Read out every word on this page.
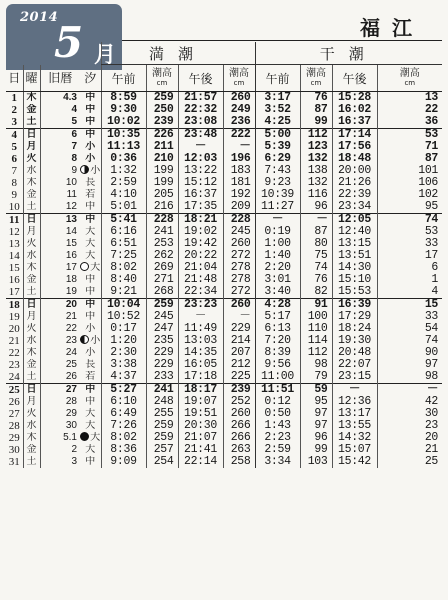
2014
5 月
福江
				満潮				干潮			
日	曜	旧暦	汐	午前	潮高
cm	午後	潮高
cm	午前	潮高
cm	午後	潮高
cm

1	木	4.3	中	8:59	259	21:57	260	3:17	76	15:28	13
2	金	4	中	9:30	250	22:32	249	3:52	87	16:02	22
3	土	5	中	10:02	239	23:08	236	4:25	99	16:37	36
4	日	6	中	10:35	226	23:48	222	5:00	112	17:14	53
5	月	7	小	11:13	211	－	－	5:39	123	17:56	71
6	火	8	小	0:36	210	12:03	196	6:29	132	18:48	87
7	水	9	小	1:32	199	13:22	183	7:43	138	20:00	101
8	木	10	長	2:59	199	15:12	181	9:23	132	21:26	106
9	金	11	若	4:10	205	16:37	192	10:39	116	22:39	102
10	土	12	中	5:01	216	17:35	209	11:27	96	23:34	95
11	日	13	中	5:41	228	18:21	228	－	－	12:05	74
12	月	14	大	6:16	241	19:02	245	0:19	87	12:40	53
13	火	15	大	6:51	253	19:42	260	1:00	80	13:15	33
14	水	16	大	7:25	262	20:22	272	1:40	75	13:51	17
15	木	17	大	8:02	269	21:04	278	2:20	74	14:30	6
16	金	18	中	8:40	271	21:48	278	3:01	76	15:10	1
17	土	19	中	9:21	268	22:34	272	3:40	82	15:53	4
18	日	20	中	10:04	259	23:23	260	4:28	91	16:39	15
19	月	21	中	10:52	245	－	－	5:17	100	17:29	33
20	火	22	小	0:17	247	11:49	229	6:13	110	18:24	54
21	水	23	小	1:20	235	13:03	214	7:20	114	19:30	74
22	木	24	小	2:30	229	14:35	207	8:39	112	20:48	90
23	金	25	長	3:38	229	16:05	212	9:56	98	22:07	97
24	土	26	若	4:37	233	17:18	225	11:00	79	23:15	98
25	日	27	中	5:27	241	18:17	239	11:51	59	－	－
26	月	28	中	6:10	248	19:07	252	0:12	95	12:36	42
27	火	29	大	6:49	255	19:51	260	0:50	97	13:17	30
28	水	30	大	7:26	259	20:30	266	1:43	97	13:55	23
29	木	5.1	大	8:02	259	21:07	266	2:23	96	14:32	20
30	金	2	大	8:36	257	21:41	263	2:59	99	15:07	21
31	土	3	中	9:09	254	22:14	258	3:34	103	15:42	25
